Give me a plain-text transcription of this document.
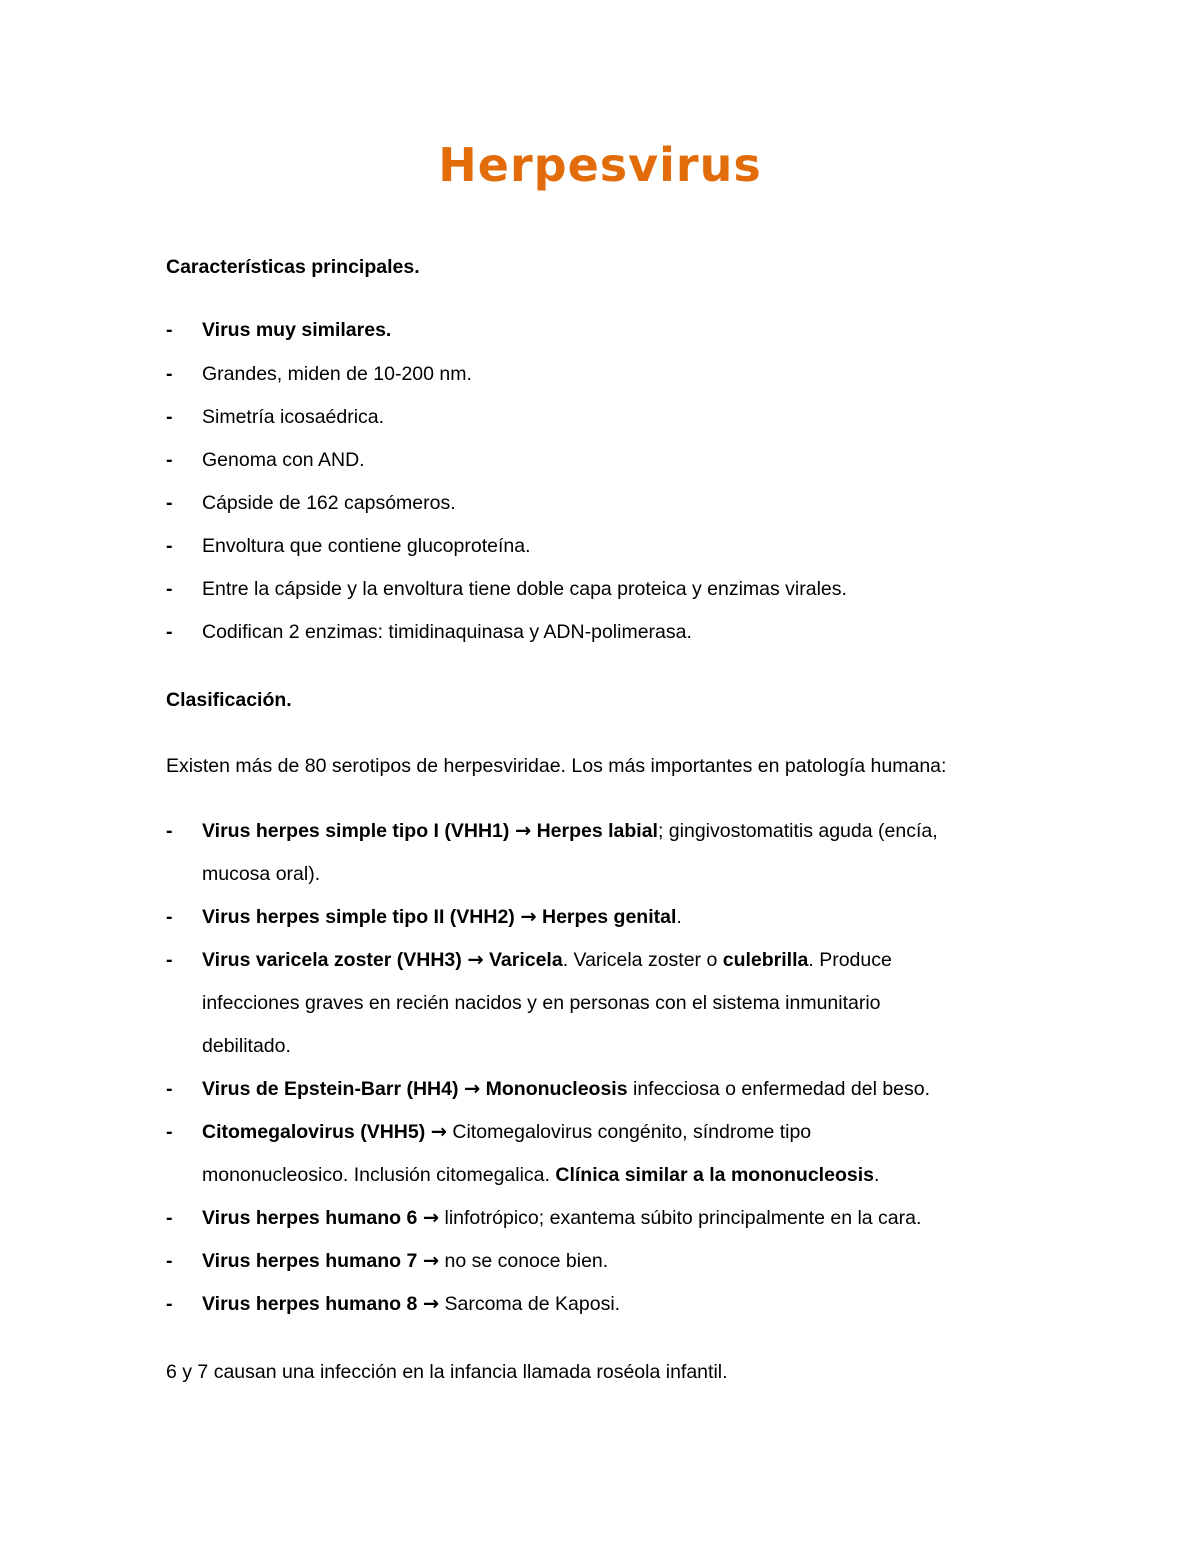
Herpesvirus
Características principales.
- Virus muy similares.
- Grandes, miden de 10-200 nm.
- Simetría icosaédrica.
- Genoma con AND.
- Cápside de 162 capsómeros.
- Envoltura que contiene glucoproteína.
- Entre la cápside y la envoltura tiene doble capa proteica y enzimas virales.
- Codifican 2 enzimas: timidinaquinasa y ADN-polimerasa.
Clasificación.
Existen más de 80 serotipos de herpesviridae. Los más importantes en patología humana:
- Virus herpes simple tipo I (VHH1) → Herpes labial; gingivostomatitis aguda (encía,
mucosa oral).
- Virus herpes simple tipo II (VHH2) → Herpes genital.
- Virus varicela zoster (VHH3) → Varicela. Varicela zoster o culebrilla. Produce
infecciones graves en recién nacidos y en personas con el sistema inmunitario
debilitado.
- Virus de Epstein-Barr (HH4) → Mononucleosis infecciosa o enfermedad del beso.
- Citomegalovirus (VHH5) → Citomegalovirus congénito, síndrome tipo
mononucleosico. Inclusión citomegalica. Clínica similar a la mononucleosis.
- Virus herpes humano 6 → linfotrópico; exantema súbito principalmente en la cara.
- Virus herpes humano 7 → no se conoce bien.
- Virus herpes humano 8 → Sarcoma de Kaposi.
6 y 7 causan una infección en la infancia llamada roséola infantil.
